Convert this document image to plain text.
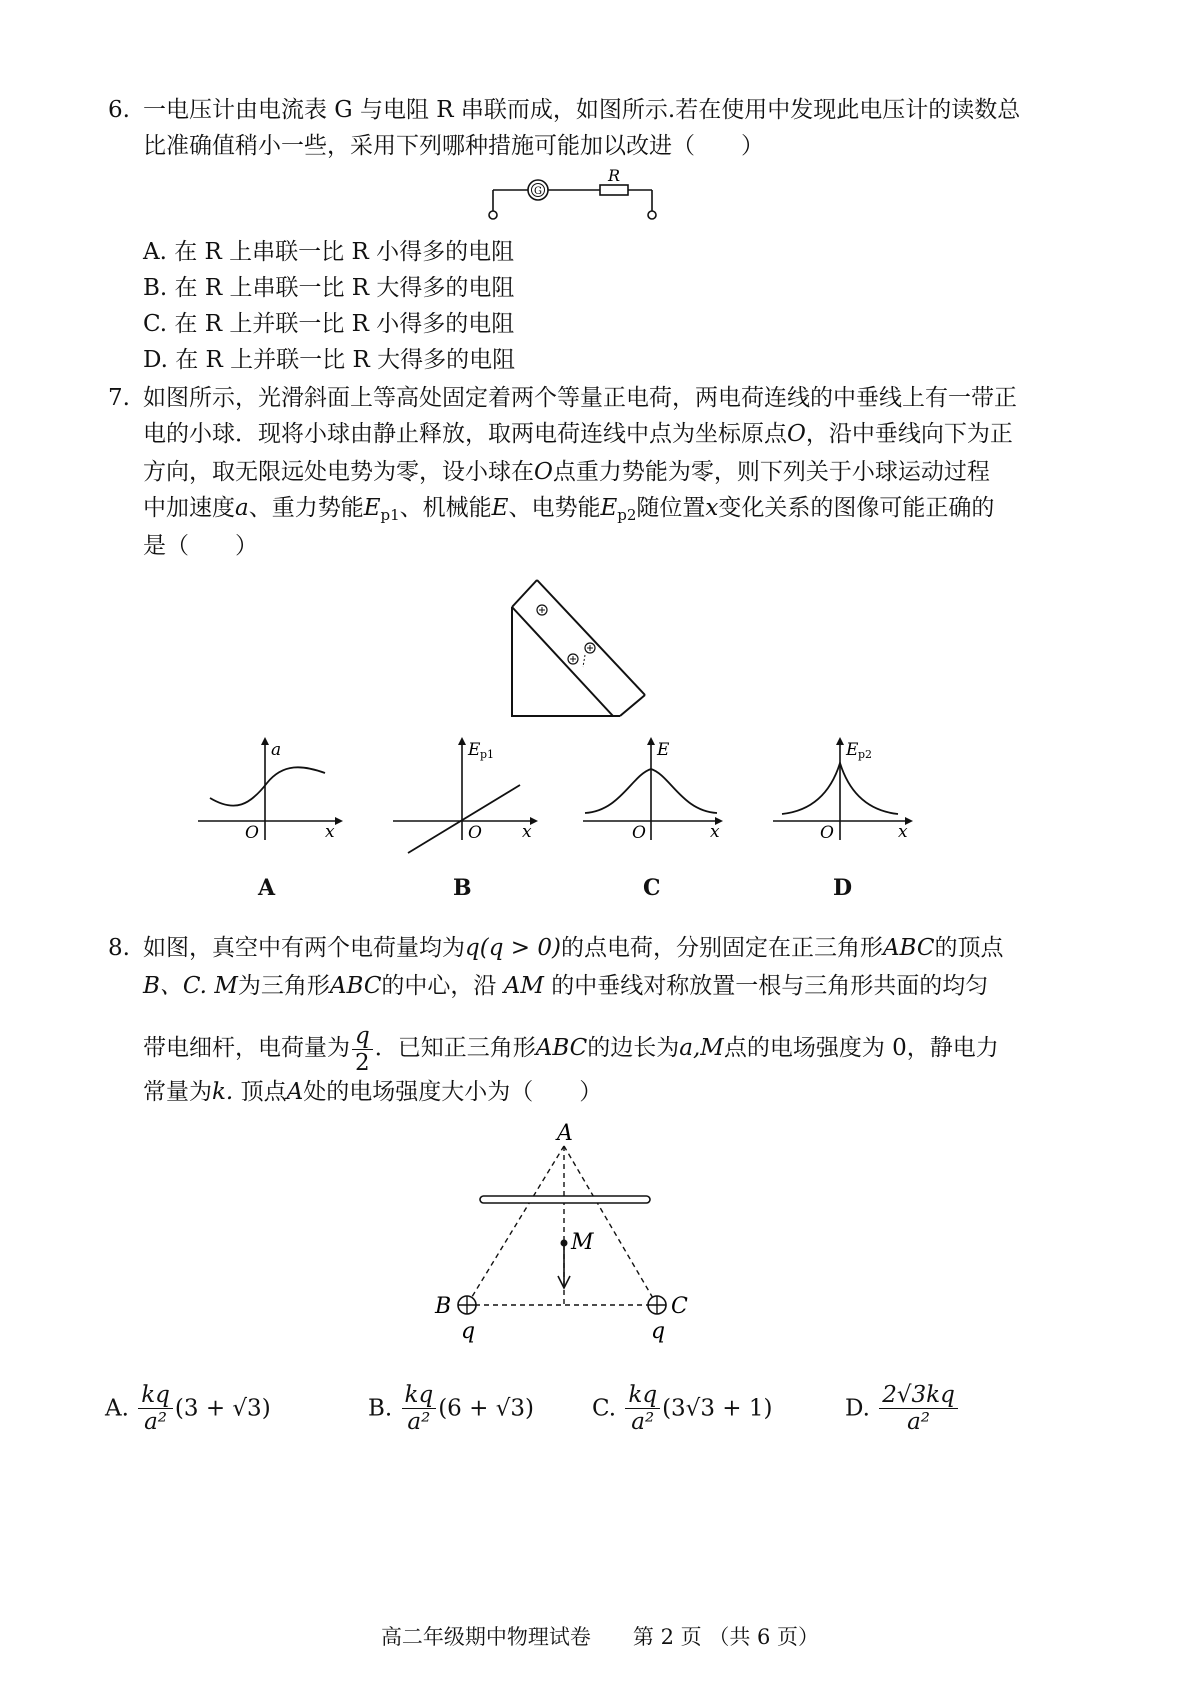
6. 一电压计由电流表 G 与电阻 R 串联而成，如图所示.若在使用中发现此电压计的读数总
比准确值稍小一些，采用下列哪种措施可能加以改进（　　）
G
R
A. 在 R 上串联一比 R 小得多的电阻
B. 在 R 上串联一比 R 大得多的电阻
C. 在 R 上并联一比 R 小得多的电阻
D. 在 R 上并联一比 R 大得多的电阻
7. 如图所示，光滑斜面上等高处固定着两个等量正电荷，两电荷连线的中垂线上有一带正
电的小球．现将小球由静止释放，取两电荷连线中点为坐标原点O，沿中垂线向下为正
方向，取无限远处电势为零，设小球在O点重力势能为零，则下列关于小球运动过程
中加速度a、重力势能$E_{p1}$、机械能E、电势能$E_{p2}$随位置x变化关系的图像可能正确的
是（　　）
a
O	x
A
E p1
O x
B
E
O	x
C
E p2
O	x
D
8. 如图，真空中有两个电荷量均为q(q > 0)的点电荷，分别固定在正三角形ABC的顶点
B、C. M为三角形ABC的中心，沿 AM 的中垂线对称放置一根与三角形共面的均匀
带电细杆，电荷量为 $\frac{q}{2}$ ．已知正三角形ABC的边长为a,M点的电场强度为 0，静电力
常量为k. 顶点A处的电场强度大小为（　　）
A
M
B	C
q	q
A. $\frac{kq}{\text{a²}} (3 + √3)$	B. $\frac{kq}{\text{a²}} (6 + √3)$	C. $\frac{kq}{\text{a²}} (3√3 + 1)$	D. $\frac{2√3kq}{\text{a²}}$
高二年级期中物理试卷　　第 2 页 （共 6 页）
